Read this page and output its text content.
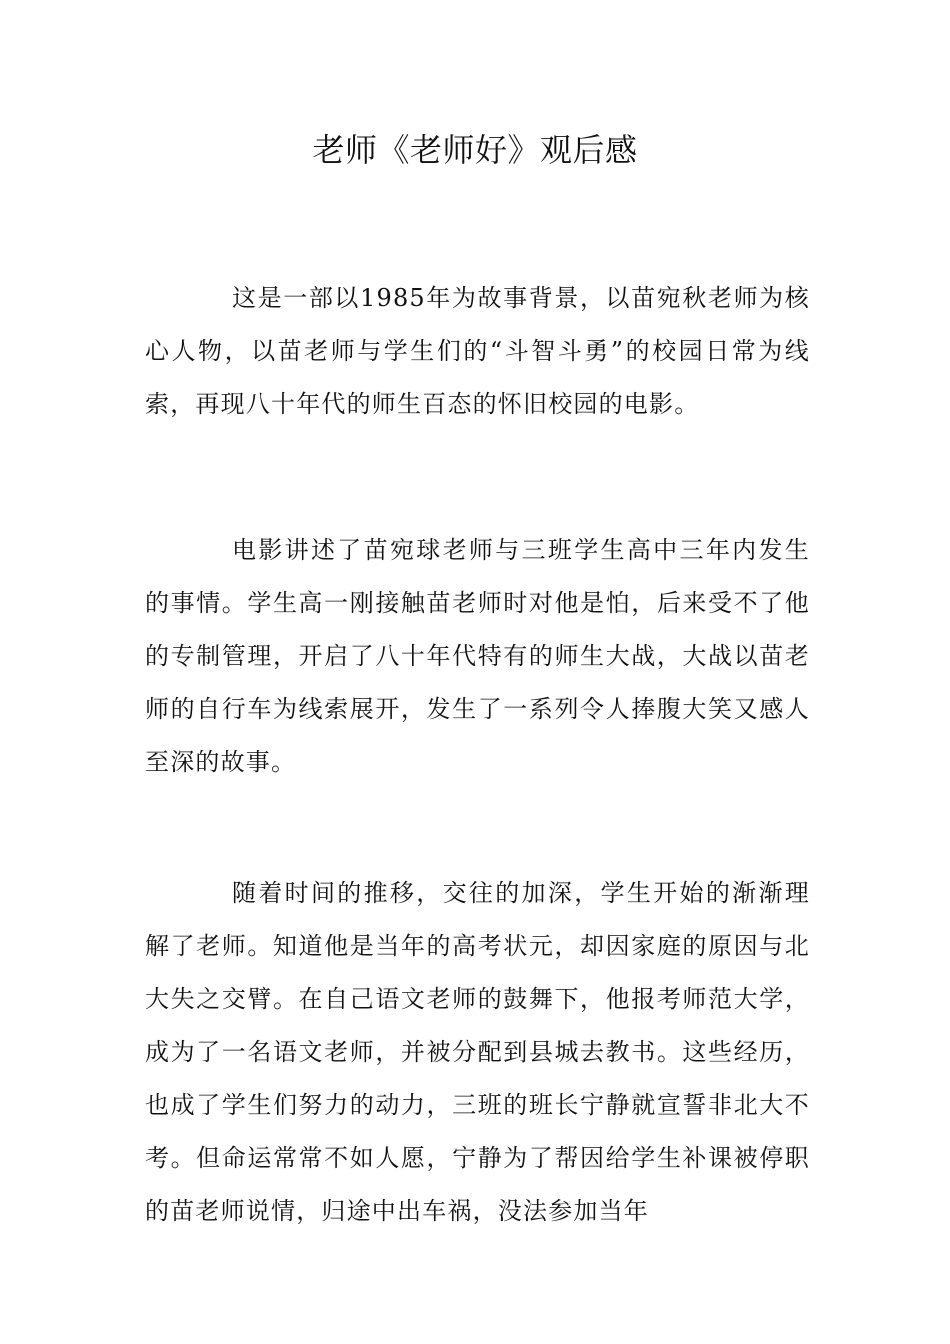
老师《老师好》观后感

这是一部以1985年为故事背景，以苗宛秋老师为核心人物，以苗老师与学生们的“斗智斗勇”的校园日常为线索，再现八十年代的师生百态的怀旧校园的电影。

电影讲述了苗宛球老师与三班学生高中三年内发生的事情。学生高一刚接触苗老师时对他是怕，后来受不了他的专制管理，开启了八十年代特有的师生大战，大战以苗老师的自行车为线索展开，发生了一系列令人捧腹大笑又感人至深的故事。

随着时间的推移，交往的加深，学生开始的渐渐理解了老师。知道他是当年的高考状元，却因家庭的原因与北大失之交臂。在自己语文老师的鼓舞下，他报考师范大学，成为了一名语文老师，并被分配到县城去教书。这些经历，也成了学生们努力的动力，三班的班长宁静就宣誓非北大不考。但命运常常不如人愿，宁静为了帮因给学生补课被停职的苗老师说情，归途中出车祸，没法参加当年
